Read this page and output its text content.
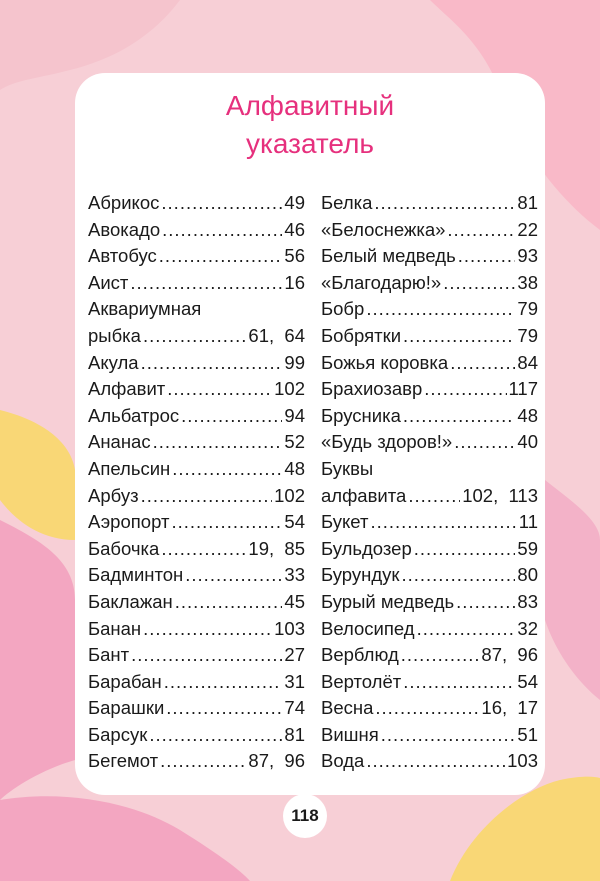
Алфавитный
указатель
Абрикос .....	49
Авокадо .....	46
Автобус .....	56
Аист .....	16
Аквариумная
рыбка .....	61,  64
Акула .....	99
Алфавит .....	102
Альбатрос .....	94
Ананас .....	52
Апельсин .....	48
Арбуз .....	102
Аэропорт .....	54
Бабочка .....	19,  85
Бадминтон .....	33
Баклажан .....	45
Банан .....	103
Бант .....	27
Барабан .....	31
Барашки .....	74
Барсук .....	81
Бегемот .....	87,  96
Белка .....	81
«Белоснежка» .....	22
Белый медведь .....	93
«Благодарю!» .....	38
Бобр .....	79
Бобрятки .....	79
Божья коровка .....	84
Брахиозавр .....	117
Брусника .....	48
«Будь здоров!» .....	40
Буквы
алфавита .....	102,  113
Букет .....	11
Бульдозер .....	59
Бурундук .....	80
Бурый медведь .....	83
Велосипед .....	32
Верблюд .....	87,  96
Вертолёт .....	54
Весна .....	16,  17
Вишня .....	51
Вода .....	103
118
